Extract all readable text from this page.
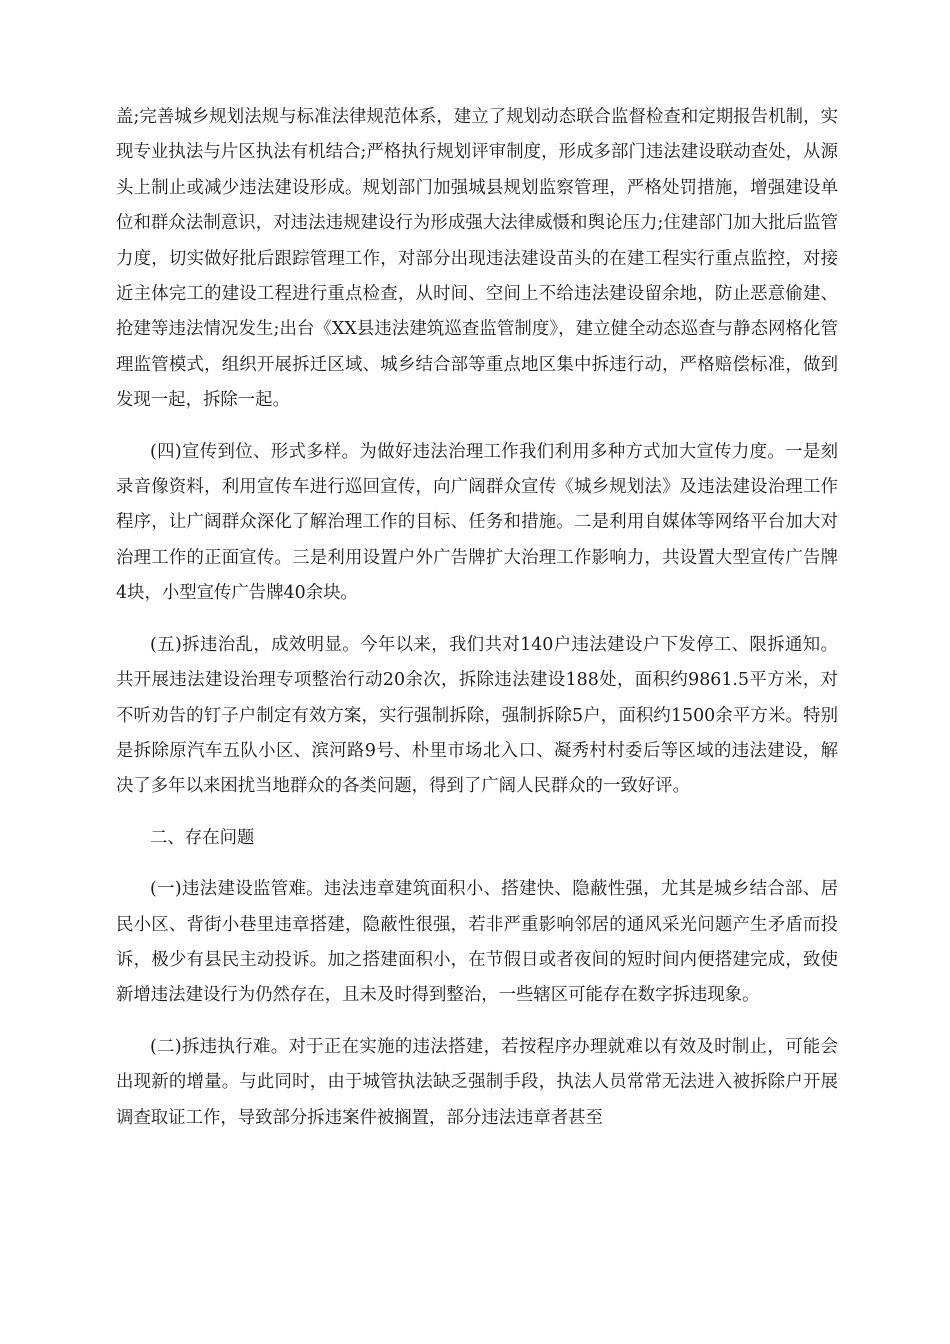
盖;完善城乡规划法规与标准法律规范体系，建立了规划动态联合监督检查和定期报告机制，实现专业执法与片区执法有机结合;严格执行规划评审制度，形成多部门违法建设联动查处，从源头上制止或减少违法建设形成。规划部门加强城县规划监察管理，严格处罚措施，增强建设单位和群众法制意识，对违法违规建设行为形成强大法律威慑和舆论压力;住建部门加大批后监管力度，切实做好批后跟踪管理工作，对部分出现违法建设苗头的在建工程实行重点监控，对接近主体完工的建设工程进行重点检查，从时间、空间上不给违法建设留余地，防止恶意偷建、抢建等违法情况发生;出台《XX县违法建筑巡查监管制度》，建立健全动态巡查与静态网格化管理监管模式，组织开展拆迁区域、城乡结合部等重点地区集中拆违行动，严格赔偿标准，做到发现一起，拆除一起。

(四)宣传到位、形式多样。为做好违法治理工作我们利用多种方式加大宣传力度。一是刻录音像资料，利用宣传车进行巡回宣传，向广阔群众宣传《城乡规划法》及违法建设治理工作程序，让广阔群众深化了解治理工作的目标、任务和措施。二是利用自媒体等网络平台加大对治理工作的正面宣传。三是利用设置户外广告牌扩大治理工作影响力，共设置大型宣传广告牌4块，小型宣传广告牌40余块。

(五)拆违治乱，成效明显。今年以来，我们共对140户违法建设户下发停工、限拆通知。共开展违法建设治理专项整治行动20余次，拆除违法建设188处，面积约9861.5平方米，对不听劝告的钉子户制定有效方案，实行强制拆除，强制拆除5户，面积约1500余平方米。特别是拆除原汽车五队小区、滨河路9号、朴里市场北入口、凝秀村村委后等区域的违法建设，解决了多年以来困扰当地群众的各类问题，得到了广阔人民群众的一致好评。

二、存在问题

(一)违法建设监管难。违法违章建筑面积小、搭建快、隐蔽性强，尤其是城乡结合部、居民小区、背街小巷里违章搭建，隐蔽性很强，若非严重影响邻居的通风采光问题产生矛盾而投诉，极少有县民主动投诉。加之搭建面积小，在节假日或者夜间的短时间内便搭建完成，致使新增违法建设行为仍然存在，且未及时得到整治，一些辖区可能存在数字拆违现象。

(二)拆违执行难。对于正在实施的违法搭建，若按程序办理就难以有效及时制止，可能会出现新的增量。与此同时，由于城管执法缺乏强制手段，执法人员常常无法进入被拆除户开展调查取证工作，导致部分拆违案件被搁置，部分违法违章者甚至
